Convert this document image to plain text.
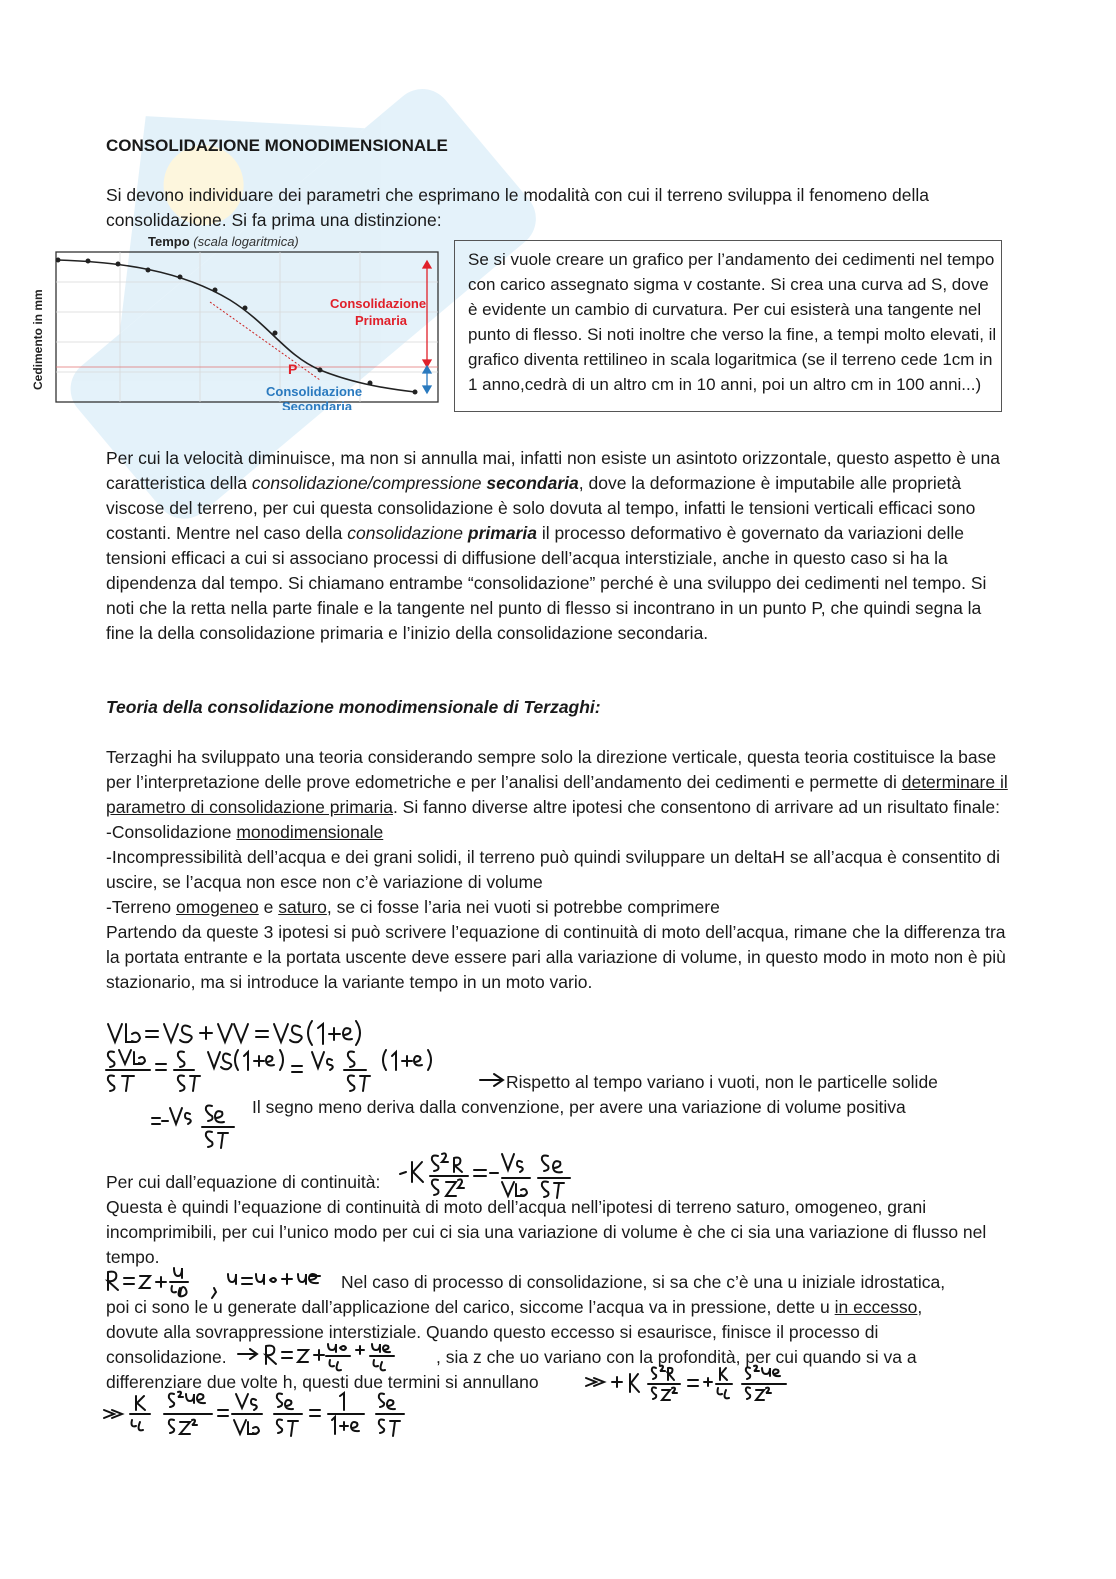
CONSOLIDAZIONE MONODIMENSIONALE
Si devono individuare dei parametri che esprimano le modalità con cui il terreno sviluppa il fenomeno della consolidazione. Si fa prima una distinzione:
Tempo (scala logaritmica)
Cedimento in mm	Consolidazione
Primaria
P
Consolidazione
Secondaria
Se si vuole creare un grafico per l’andamento dei cedimenti nel tempo con carico assegnato sigma v costante. Si crea una curva ad S, dove è evidente un cambio di curvatura. Per cui esisterà una tangente nel punto di flesso. Si noti inoltre che verso la fine, a tempi molto elevati, il grafico diventa rettilineo in scala logaritmica (se il terreno cede 1cm in 1 anno,cedrà di un altro cm in 10 anni, poi un altro cm in 100 anni...)
Per cui la velocità diminuisce, ma non si annulla mai, infatti non esiste un asintoto orizzontale, questo aspetto è una caratteristica della consolidazione/compressione secondaria, dove la deformazione è imputabile alle proprietà viscose del terreno, per cui questa consolidazione è solo dovuta al tempo, infatti le tensioni verticali efficaci sono costanti. Mentre nel caso della consolidazione primaria il processo deformativo è governato da variazioni delle tensioni efficaci a cui si associano processi di diffusione dell’acqua interstiziale, anche in questo caso si ha la dipendenza dal tempo. Si chiamano entrambe “consolidazione” perché è una sviluppo dei cedimenti nel tempo. Si noti che la retta nella parte finale e la tangente nel punto di flesso si incontrano in un punto P, che quindi segna la fine la della consolidazione primaria e l’inizio della consolidazione secondaria.
Teoria della consolidazione monodimensionale di Terzaghi:
Terzaghi ha sviluppato una teoria considerando sempre solo la direzione verticale, questa teoria costituisce la base per l’interpretazione delle prove edometriche e per l’analisi dell’andamento dei cedimenti e permette di determinare il parametro di consolidazione primaria. Si fanno diverse altre ipotesi che consentono di arrivare ad un risultato finale:
-Consolidazione monodimensionale
-Incompressibilità dell’acqua e dei grani solidi, il terreno può quindi sviluppare un deltaH se all’acqua è consentito di uscire, se l’acqua non esce non c’è variazione di volume
-Terreno omogeneo e saturo, se ci fosse l’aria nei vuoti si potrebbe comprimere
Partendo da queste 3 ipotesi si può scrivere l’equazione di continuità di moto dell’acqua, rimane che la differenza tra la portata entrante e la portata uscente deve essere pari alla variazione di volume, in questo modo in moto non è più stazionario, ma si introduce la variante tempo in un moto vario.
Rispetto al tempo variano i vuoti, non le particelle solide
Il segno meno deriva dalla convenzione, per avere una variazione di volume positiva
Per cui dall’equazione di continuità:
Questa è quindi l’equazione di continuità di moto dell’acqua nell’ipotesi di terreno saturo, omogeneo, grani incomprimibili, per cui l’unico modo per cui ci sia una variazione di volume è che ci sia una variazione di flusso nel tempo.
Nel caso di processo di consolidazione, si sa che c’è una u iniziale idrostatica,
poi ci sono le u generate dall’applicazione del carico, siccome l’acqua va in pressione, dette u in eccesso,
dovute alla sovrappressione interstiziale. Quando questo eccesso si esaurisce, finisce il processo di
consolidazione.	, sia z che uo variano con la profondità, per cui quando si va a
differenziare due volte h, questi due termini si annullano
